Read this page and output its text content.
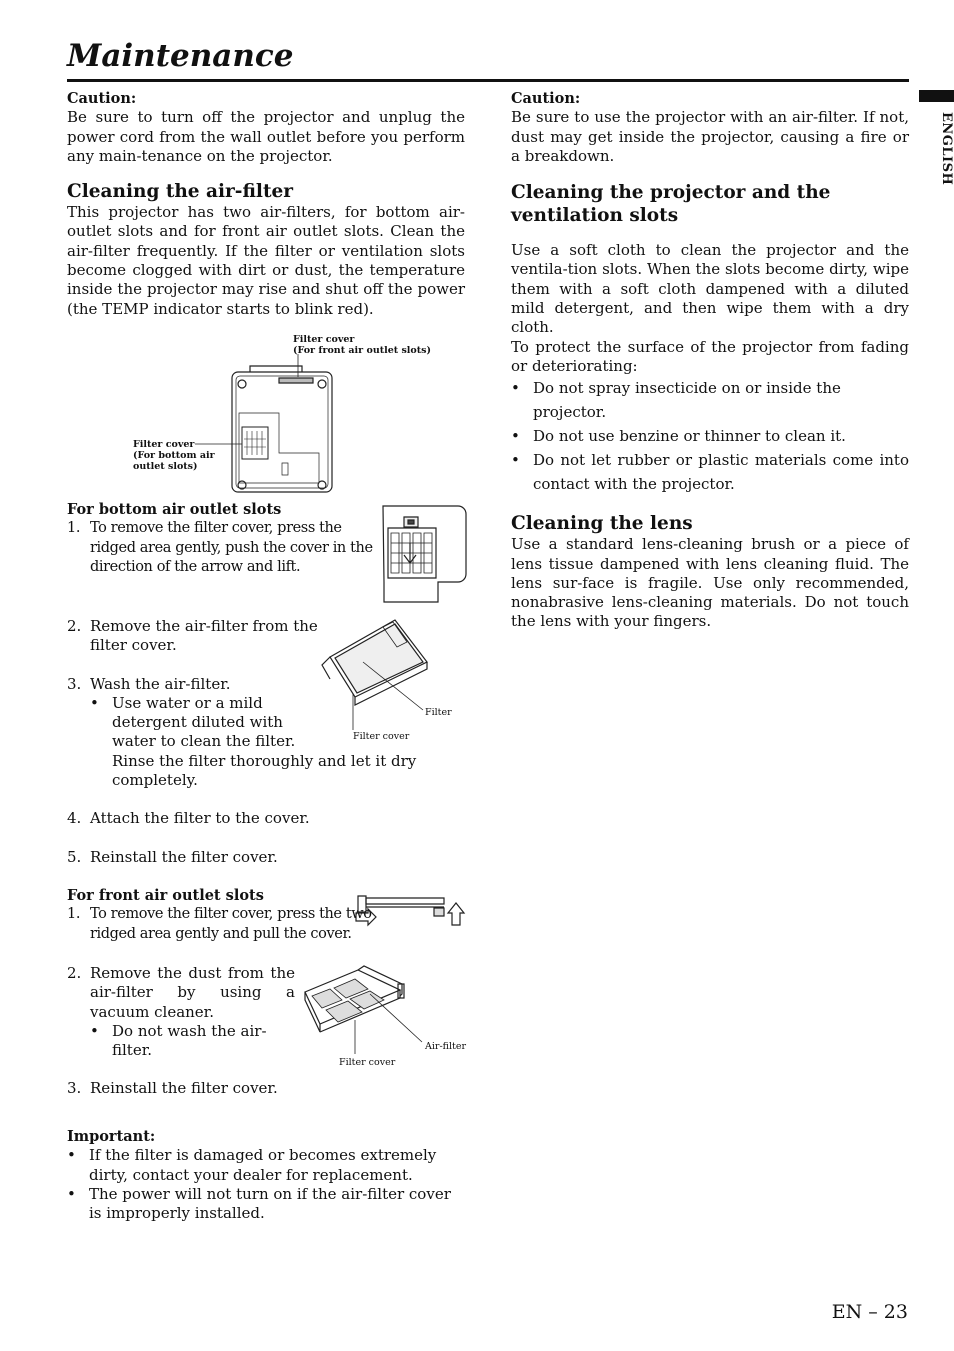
Maintenance
ENGLISH

Caution:

Be sure to turn off the projector and unplug the power cord from the wall outlet before you perform any main-tenance on the projector.

Cleaning the air-filter

This projector has two air-filters, for bottom air-outlet slots and for front air outlet slots. Clean the air-filter frequently. If the filter or ventilation slots become clogged with dirt or dust, the temperature inside the projector may rise and shut off the power (the TEMP indicator starts to blink red).

Filter cover
(For front air outlet slots)
Filter cover
(For bottom air
outlet slots)

For bottom air outlet slots

1. To remove the filter cover, press the ridged area gently, push the cover in the direction of the arrow and lift.
2. Remove the air-filter from the filter cover.
3. Wash the air-filter.
• Use water or a mild detergent diluted with water to clean the filter.
Rinse the filter thoroughly and let it dry completely.
4. Attach the filter to the cover.
5. Reinstall the filter cover.
Filter
Filter cover

For front air outlet slots

1. To remove the filter cover, press the two ridged area gently and pull the cover.
2. Remove the dust from the air-filter by using a vacuum cleaner.
• Do not wash the air-filter.
3. Reinstall the filter cover.
Air-filter
Filter cover

Important:

• If the filter is damaged or becomes extremely dirty, contact your dealer for replacement.
• The power will not turn on if the air-filter cover is improperly installed.

Caution:

Be sure to use the projector with an air-filter. If not, dust may get inside the projector, causing a fire or a breakdown.

Cleaning the projector and the ventilation slots

Use a soft cloth to clean the projector and the ventila-tion slots. When the slots become dirty, wipe them with a soft cloth dampened with a diluted mild detergent, and then wipe them with a dry cloth.

To protect the surface of the projector from fading or deteriorating:

• Do not spray insecticide on or inside the projector.
• Do not use benzine or thinner to clean it.
• Do not let rubber or plastic materials come into contact with the projector.
Cleaning the lens

Use a standard lens-cleaning brush or a piece of lens tissue dampened with lens cleaning fluid. The lens sur-face is fragile. Use only recommended, nonabrasive lens-cleaning materials. Do not touch the lens with your fingers.

EN – 23
